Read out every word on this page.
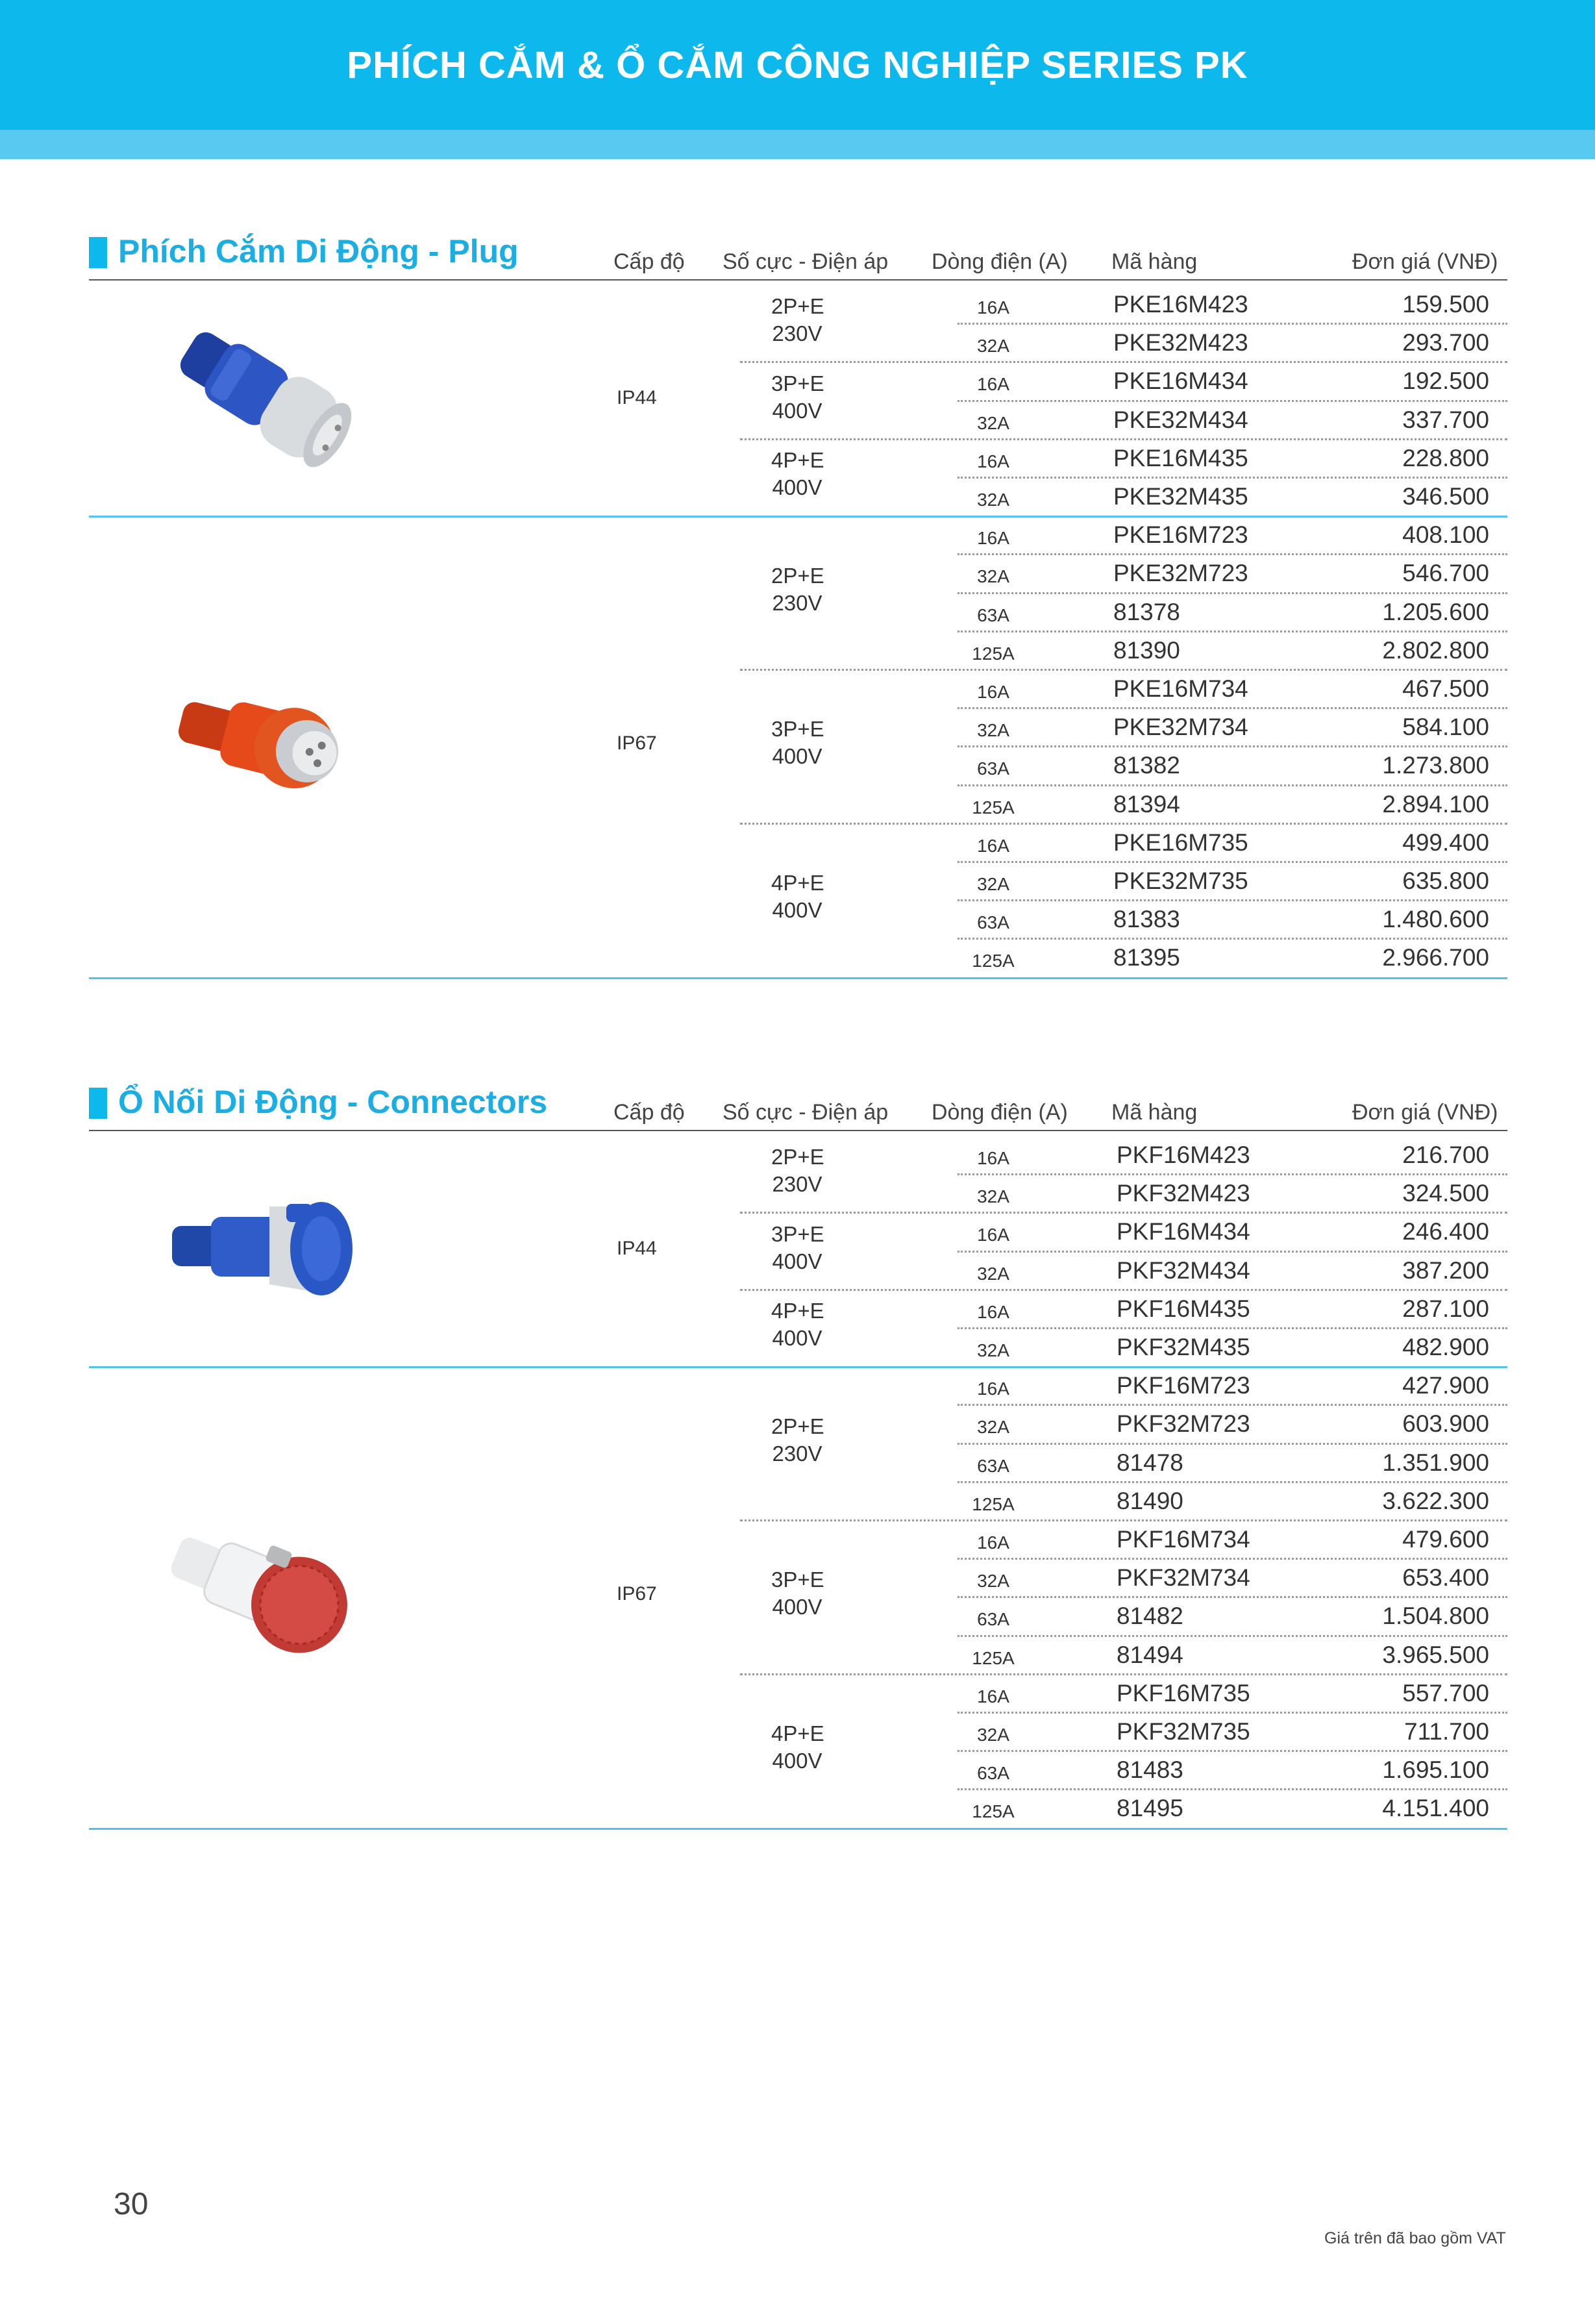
PHÍCH CẮM & Ổ CẮM CÔNG NGHIỆP SERIES PK
30
Giá trên đã bao gồm VAT
Phích Cắm Di Động - Plug	Cấp độ Số cực - Điện áp Dòng điện (A) Mã hàng	Đơn giá (VNĐ)
IP44
2P+E
230V
16A	PKE16M423	159.500
32A	PKE32M423	293.700
3P+E
400V
16A	PKE16M434	192.500
32A	PKE32M434	337.700
4P+E
400V
16A	PKE16M435	228.800
32A	PKE32M435	346.500
IP67
2P+E
230V
16A	PKE16M723	408.100
32A	PKE32M723	546.700
63A	81378	1.205.600
125A	81390	2.802.800
3P+E
400V
16A	PKE16M734	467.500
32A	PKE32M734	584.100
63A	81382	1.273.800
125A	81394	2.894.100
4P+E
400V
16A	PKE16M735	499.400
32A	PKE32M735	635.800
63A	81383	1.480.600
125A	81395	2.966.700
Ổ Nối Di Động - Connectors	Cấp độ Số cực - Điện áp Dòng điện (A) Mã hàng	Đơn giá (VNĐ)
IP44
2P+E
230V
16A	PKF16M423	216.700
32A	PKF32M423	324.500
3P+E
400V
16A	PKF16M434	246.400
32A	PKF32M434	387.200
4P+E
400V
16A	PKF16M435	287.100
32A	PKF32M435	482.900
IP67
2P+E
230V
16A	PKF16M723	427.900
32A	PKF32M723	603.900
63A	81478	1.351.900
125A	81490	3.622.300
3P+E
400V
16A	PKF16M734	479.600
32A	PKF32M734	653.400
63A	81482	1.504.800
125A	81494	3.965.500
4P+E
400V
16A	PKF16M735	557.700
32A	PKF32M735	711.700
63A	81483	1.695.100
125A	81495	4.151.400
